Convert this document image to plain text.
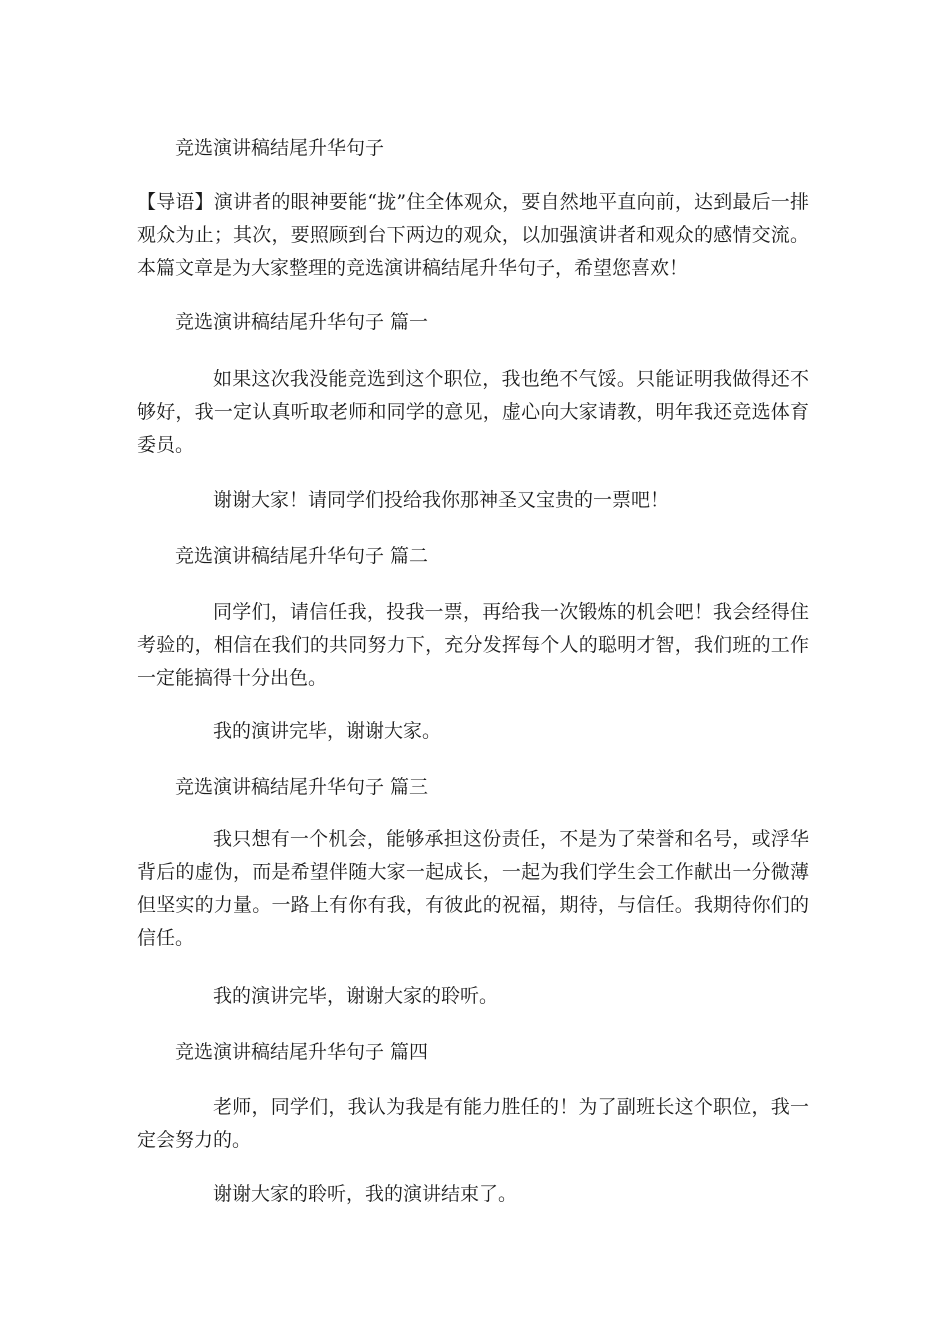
竞选演讲稿结尾升华句子

【导语】演讲者的眼神要能“拢”住全体观众，要自然地平直向前，达到最后一排观众为止；其次，要照顾到台下两边的观众，以加强演讲者和观众的感情交流。本篇文章是为大家整理的竞选演讲稿结尾升华句子，希望您喜欢！

竞选演讲稿结尾升华句子 篇一

如果这次我没能竞选到这个职位，我也绝不气馁。只能证明我做得还不够好，我一定认真听取老师和同学的意见，虚心向大家请教，明年我还竞选体育委员。

谢谢大家！请同学们投给我你那神圣又宝贵的一票吧！

竞选演讲稿结尾升华句子 篇二

同学们，请信任我，投我一票，再给我一次锻炼的机会吧！我会经得住考验的，相信在我们的共同努力下，充分发挥每个人的聪明才智，我们班的工作一定能搞得十分出色。

我的演讲完毕，谢谢大家。

竞选演讲稿结尾升华句子 篇三

我只想有一个机会，能够承担这份责任，不是为了荣誉和名号，或浮华背后的虚伪，而是希望伴随大家一起成长，一起为我们学生会工作献出一分微薄但坚实的力量。一路上有你有我，有彼此的祝福，期待，与信任。我期待你们的信任。

我的演讲完毕，谢谢大家的聆听。

竞选演讲稿结尾升华句子 篇四

老师，同学们，我认为我是有能力胜任的！为了副班长这个职位，我一定会努力的。

谢谢大家的聆听，我的演讲结束了。
